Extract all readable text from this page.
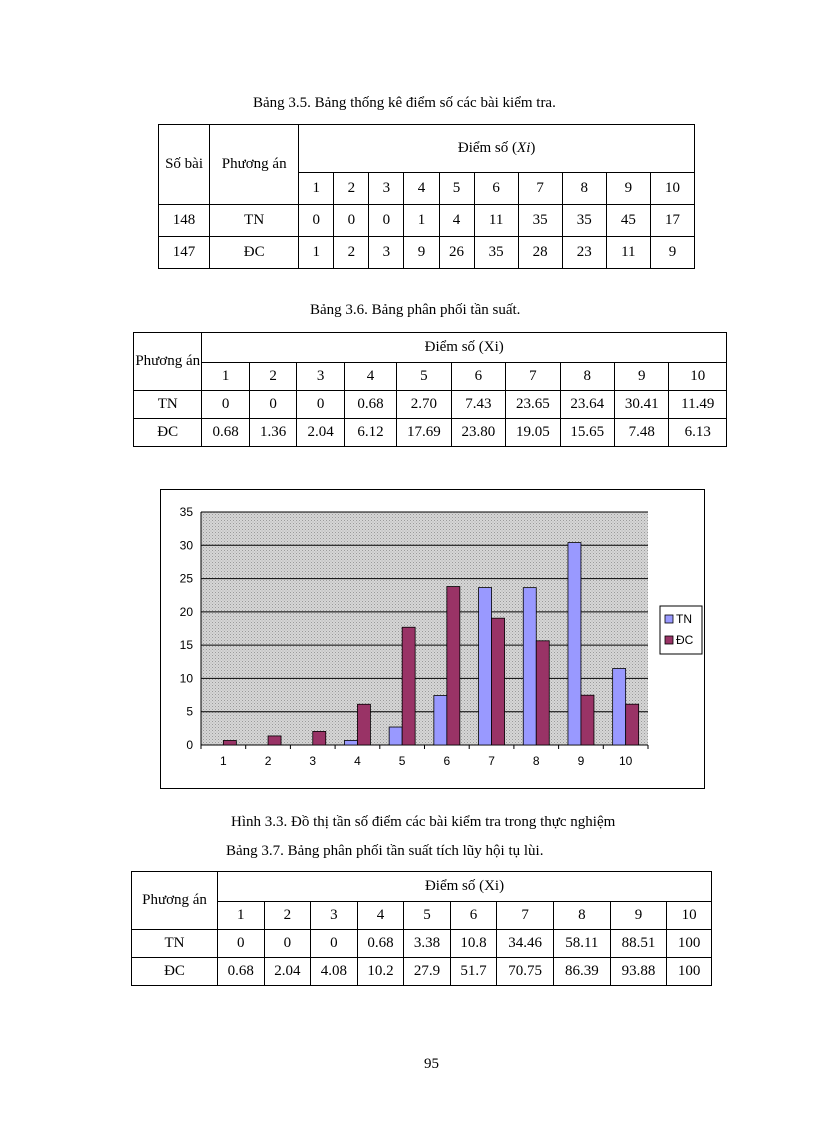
Bảng 3.5. Bảng thống kê điểm số các bài kiểm tra.
Số bài	Phương án	Điểm số (Xi)									
		1	2	3	4	5	6	7	8	9	10
148	TN	0	0	0	1	4	11	35	35	45	17
147	ĐC	1	2	3	9	26	35	28	23	11	9
Bảng 3.6. Bảng phân phối tần suất.
Phương án	Điểm số (Xi)									
	1	2	3	4	5	6	7	8	9	10
TN	0	0	0	0.68	2.70	7.43	23.65	23.64	30.41	11.49
ĐC	0.68	1.36	2.04	6.12	17.69	23.80	19.05	15.65	7.48	6.13
0
5
10
15
20
25
30
35
1	2	3	4	5	6	7	8	9	10
TN
ĐC
Hình 3.3. Đồ thị tần số điểm các bài kiểm tra trong thực nghiệm
Bảng 3.7. Bảng phân phối tần suất tích lũy hội tụ lùi.
Phương án	Điểm số (Xi)									
	1	2	3	4	5	6	7	8	9	10
TN	0	0	0	0.68	3.38	10.8	34.46	58.11	88.51	100
ĐC	0.68	2.04	4.08	10.2	27.9	51.7	70.75	86.39	93.88	100
95
